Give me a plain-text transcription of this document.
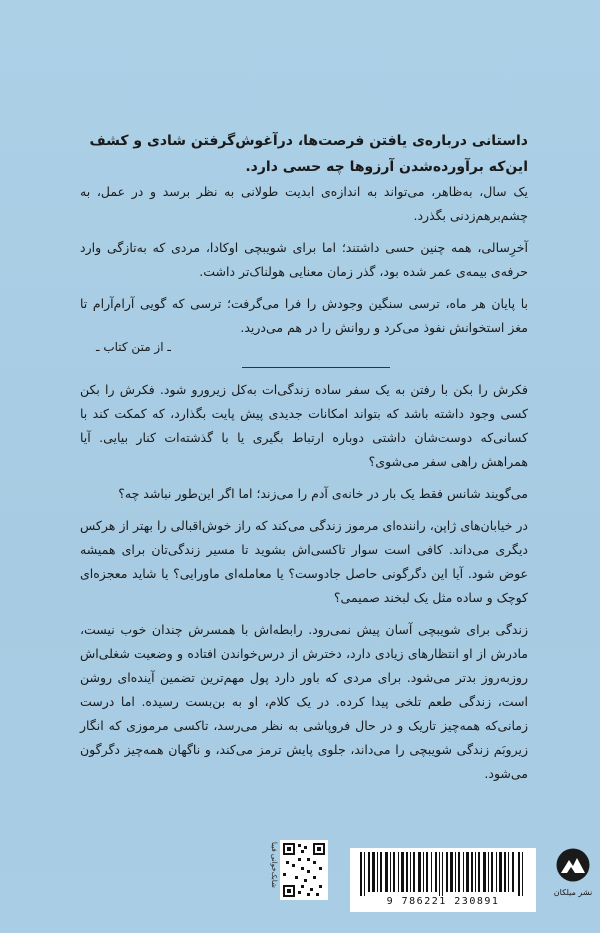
داستانی درباره‌ی یافتن فرصت‌ها، درآغوش‌گرفتن شادی و کشف این‌که برآورده‌شدن آرزوها چه حسی دارد.

یک سال، به‌ظاهر، می‌تواند به اندازه‌ی ابدیت طولانی به نظر برسد و در عمل، به چشم‌برهم‌زدنی بگذرد.

آخرِسالی، همه چنین حسی داشتند؛ اما برای شویبچی اوکادا، مردی که به‌تازگی وارد حرفه‌ی بیمه‌ی عمر شده بود، گذر زمان معنایی هولناک‌تر داشت.

با پایان هر ماه، ترسی سنگین وجودش را فرا می‌گرفت؛ ترسی که گویی آرام‌آرام تا مغز استخوانش نفوذ می‌کرد و روانش را در هم می‌درید.

ـ از متن کتاب ـ

فکرش را بکن با رفتن به یک سفر ساده زندگی‌ات به‌کل زیرورو شود. فکرش را بکن کسی وجود داشته باشد که بتواند امکانات جدیدی پیش پایت بگذارد، که کمکت کند با کسانی‌که دوست‌شان داشتی دوباره ارتباط بگیری یا با گذشته‌ات کنار بیایی. آیا همراهش راهی سفر می‌شوی؟

می‌گویند شانس فقط یک بار در خانه‌ی آدم را می‌زند؛ اما اگر این‌طور نباشد چه؟

در خیابان‌های ژاپن، راننده‌ای مرموز زندگی می‌کند که راز خوش‌اقبالی را بهتر از هرکس دیگری می‌داند. کافی است سوار تاکسی‌اش بشوید تا مسیر زندگی‌تان برای همیشه عوض شود. آیا این دگرگونی حاصل جادوست؟ یا معامله‌ای ماورایی؟ یا شاید معجزه‌ای کوچک و ساده مثل یک لبخند صمیمی؟

زندگی برای شویبچی آسان پیش نمی‌رود. رابطه‌اش با همسرش چندان خوب نیست، مادرش از او انتظارهای زیادی دارد، دخترش از درس‌خواندن افتاده و وضعیت شغلی‌اش روزبه‌روز بدتر می‌شود. برای مردی که باور دارد پول مهم‌ترین تضمین آینده‌ای روشن است، زندگی طعم تلخی پیدا کرده. در یک کلام، او به بن‌بست رسیده. اما درست زمانی‌که همه‌چیز تاریک و در حال فروپاشی به نظر می‌رسد، تاکسی مرموزی که انگار زیروبَم زندگی شویبچی را می‌داند، جلوی پایش ترمز می‌کند، و ناگهان همه‌چیز دگرگون می‌شود.

شابک‌خوانی فیبا
9 786221 230891
نشر میلکان
